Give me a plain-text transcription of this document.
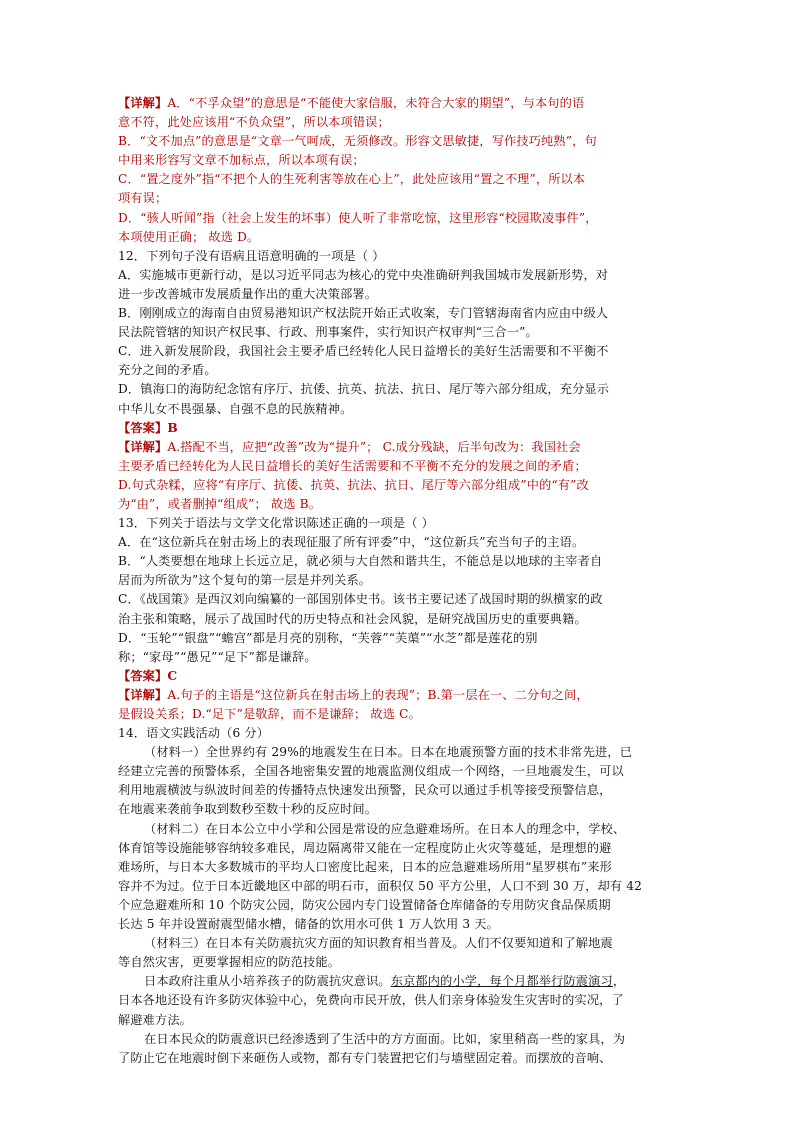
【详解】A．“不孚众望”的意思是“不能使大家信服，未符合大家的期望”，与本句的语
意不符，此处应该用“不负众望”，所以本项错误；
B．“文不加点”的意思是“文章一气呵成，无须修改。形容文思敏捷，写作技巧纯熟”，句
中用来形容写文章不加标点，所以本项有误；
C．“置之度外”指“不把个人的生死利害等放在心上”，此处应该用“置之不理”，所以本
项有误；
D．“骇人听闻”指（社会上发生的坏事）使人听了非常吃惊，这里形容“校园欺凌事件”，
本项使用正确； 故选 D。
12．下列句子没有语病且语意明确的一项是（ ）
A．实施城市更新行动，是以习近平同志为核心的党中央准确研判我国城市发展新形势，对
进一步改善城市发展质量作出的重大决策部署。
B．刚刚成立的海南自由贸易港知识产权法院开始正式收案，专门管辖海南省内应由中级人
民法院管辖的知识产权民事、行政、刑事案件，实行知识产权审判“三合一”。
C．进入新发展阶段，我国社会主要矛盾已经转化人民日益增长的美好生活需要和不平衡不
充分之间的矛盾。
D．镇海口的海防纪念馆有序厅、抗倭、抗英、抗法、抗日、尾厅等六部分组成，充分显示
中华儿女不畏强暴、自强不息的民族精神。
【答案】B
【详解】A.搭配不当，应把“改善”改为“提升”； C.成分残缺，后半句改为：我国社会
主要矛盾已经转化为人民日益增长的美好生活需要和不平衡不充分的发展之间的矛盾；
D.句式杂糅，应将“有序厅、抗倭、抗英、抗法、抗日、尾厅等六部分组成”中的“有”改
为“由”，或者删掉“组成”； 故选 B。
13．下列关于语法与文学文化常识陈述正确的一项是（ ）
A．在“这位新兵在射击场上的表现征服了所有评委”中，“这位新兵”充当句子的主语。
B．“人类要想在地球上长远立足，就必须与大自然和谐共生，不能总是以地球的主宰者自
居而为所欲为”这个复句的第一层是并列关系。
C．《战国策》是西汉刘向编纂的一部国别体史书。该书主要记述了战国时期的纵横家的政
治主张和策略，展示了战国时代的历史特点和社会风貌，是研究战国历史的重要典籍。
D．“玉轮”“银盘”“蟾宫”都是月亮的别称，“芙蓉”“芙蕖”“水芝”都是莲花的别
称；“家母”“愚兄”“足下”都是谦辞。
【答案】C
【详解】A.句子的主语是“这位新兵在射击场上的表现”；B.第一层在一、二分句之间，
是假设关系；D.“足下”是敬辞，而不是谦辞； 故选 C。
14．语文实践活动（6 分）
（材料一）全世界约有 29%的地震发生在日本。日本在地震预警方面的技术非常先进，已
经建立完善的预警体系，全国各地密集安置的地震监测仪组成一个网络，一旦地震发生，可以
利用地震横波与纵波时间差的传播特点快速发出预警，民众可以通过手机等接受预警信息，
在地震来袭前争取到数秒至数十秒的反应时间。
（材料二）在日本公立中小学和公园是常设的应急避难场所。在日本人的理念中，学校、
体育馆等设施能够容纳较多难民，周边隔离带又能在一定程度防止火灾等蔓延，是理想的避
难场所，与日本大多数城市的平均人口密度比起来，日本的应急避难场所用“星罗棋布”来形
容并不为过。位于日本近畿地区中部的明石市，面积仅 50 平方公里，人口不到 30 万，却有 42
个应急避难所和 10 个防灾公园，防灾公园内专门设置储备仓库储备的专用防灾食品保质期
长达 5 年并设置耐震型储水槽，储备的饮用水可供 1 万人饮用 3 天。
（材料三）在日本有关防震抗灾方面的知识教育相当普及。人们不仅要知道和了解地震
等自然灾害，更要掌握相应的防范技能。
日本政府注重从小培养孩子的防震抗灾意识。东京都内的小学，每个月都举行防震演习，
日本各地还设有许多防灾体验中心，免费向市民开放，供人们亲身体验发生灾害时的实况，了
解避难方法。
在日本民众的防震意识已经渗透到了生活中的方方面面。比如，家里稍高一些的家具，为
了防止它在地震时倒下来砸伤人或物，都有专门装置把它们与墙壁固定着。而摆放的音响、
